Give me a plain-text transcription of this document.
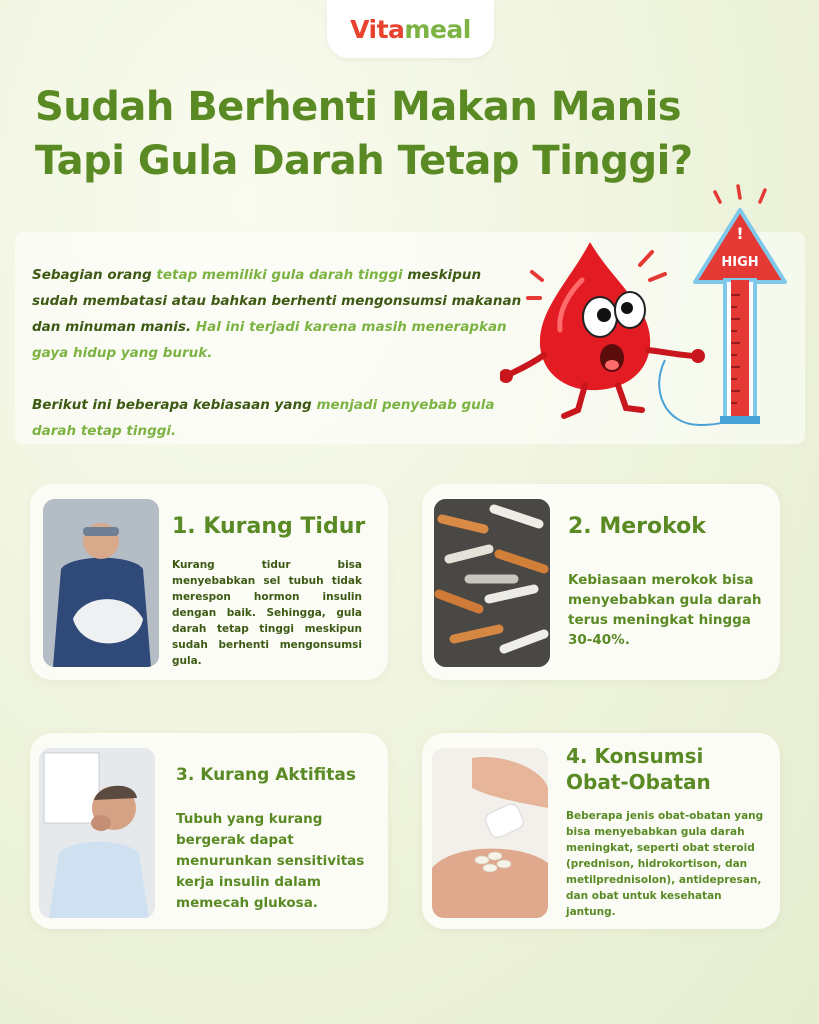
Vitameal
Sudah Berhenti Makan Manis
Tapi Gula Darah Tetap Tinggi?

Sebagian orang tetap memiliki gula darah tinggi meskipun sudah membatasi atau bahkan berhenti mengonsumsi makanan dan minuman manis. Hal ini terjadi karena masih menerapkan gaya hidup yang buruk.

Berikut ini beberapa kebiasaan yang menjadi penyebab gula darah tetap tinggi.

!
HIGH
1. Kurang Tidur
Kurang tidur bisa menyebabkan sel tubuh tidak merespon hormon insulin dengan baik. Sehingga, gula darah tetap tinggi meskipun sudah berhenti mengonsumsi gula.
2. Merokok
Kebiasaan merokok bisa menyebabkan gula darah terus meningkat hingga 30-40%.
3. Kurang Aktifitas
Tubuh yang kurang bergerak dapat menurunkan sensitivitas kerja insulin dalam memecah glukosa.
4. Konsumsi
Obat-Obatan
Beberapa jenis obat-obatan yang bisa menyebabkan gula darah meningkat, seperti obat steroid (prednison, hidrokortison, dan metilprednisolon), antidepresan, dan obat untuk kesehatan jantung.
